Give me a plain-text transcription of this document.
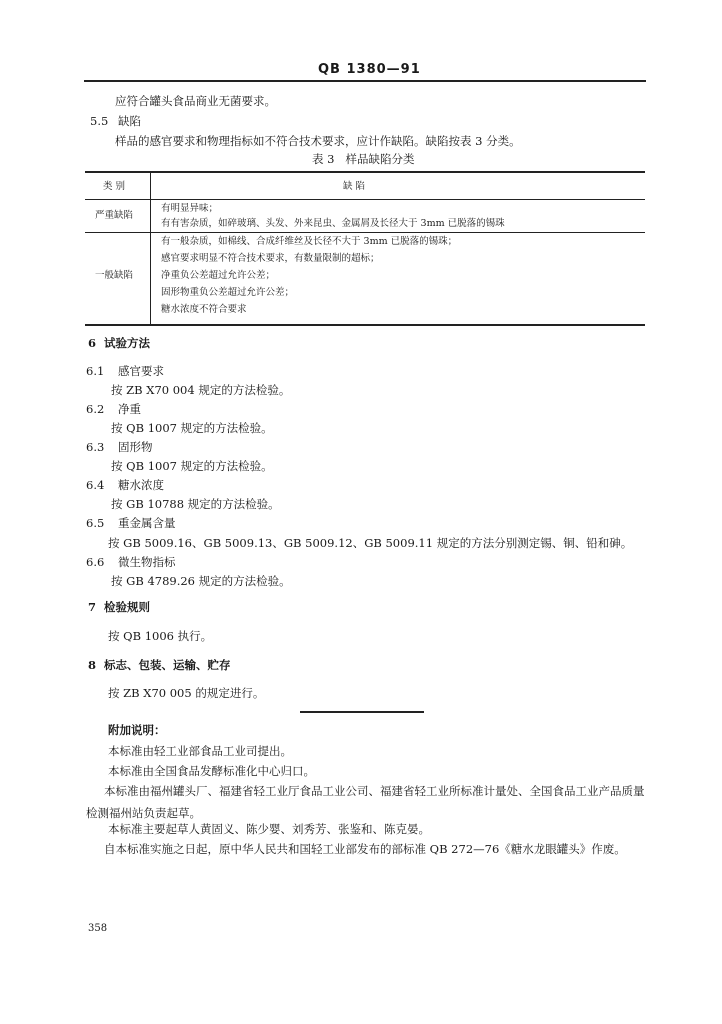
QB 1380—91
应符合罐头食品商业无菌要求。
5.5 缺陷
样品的感官要求和物理指标如不符合技术要求，应计作缺陷。缺陷按表 3 分类。
表 3 样品缺陷分类
类 别	缺 陷
严重缺陷
有明显异味；
有有害杂质，如碎玻璃、头发、外来昆虫、金属屑及长径大于 3mm 已脱落的锡珠
一般缺陷
有一般杂质，如棉线、合成纤维丝及长径不大于 3mm 已脱落的锡珠；
感官要求明显不符合技术要求，有数量限制的超标；
净重负公差超过允许公差；
固形物重负公差超过允许公差；
糖水浓度不符合要求
6 试验方法
6.1 感官要求
按 ZB X70 004 规定的方法检验。
6.2 净重
按 QB 1007 规定的方法检验。
6.3 固形物
按 QB 1007 规定的方法检验。
6.4 糖水浓度
按 GB 10788 规定的方法检验。
6.5 重金属含量
按 GB 5009.16、GB 5009.13、GB 5009.12、GB 5009.11 规定的方法分别测定锡、铜、铅和砷。
6.6 微生物指标
按 GB 4789.26 规定的方法检验。
7 检验规则
按 QB 1006 执行。
8 标志、包装、运输、贮存
按 ZB X70 005 的规定进行。
附加说明：
本标准由轻工业部食品工业司提出。
本标准由全国食品发酵标准化中心归口。
本标准由福州罐头厂、福建省轻工业厅食品工业公司、福建省轻工业所标准计量处、全国食品工业产品质量检测福州站负责起草。
本标准主要起草人黄固义、陈少婴、刘秀芳、张鉴和、陈克晏。
自本标准实施之日起，原中华人民共和国轻工业部发布的部标准 QB 272—76《糖水龙眼罐头》作废。
358
